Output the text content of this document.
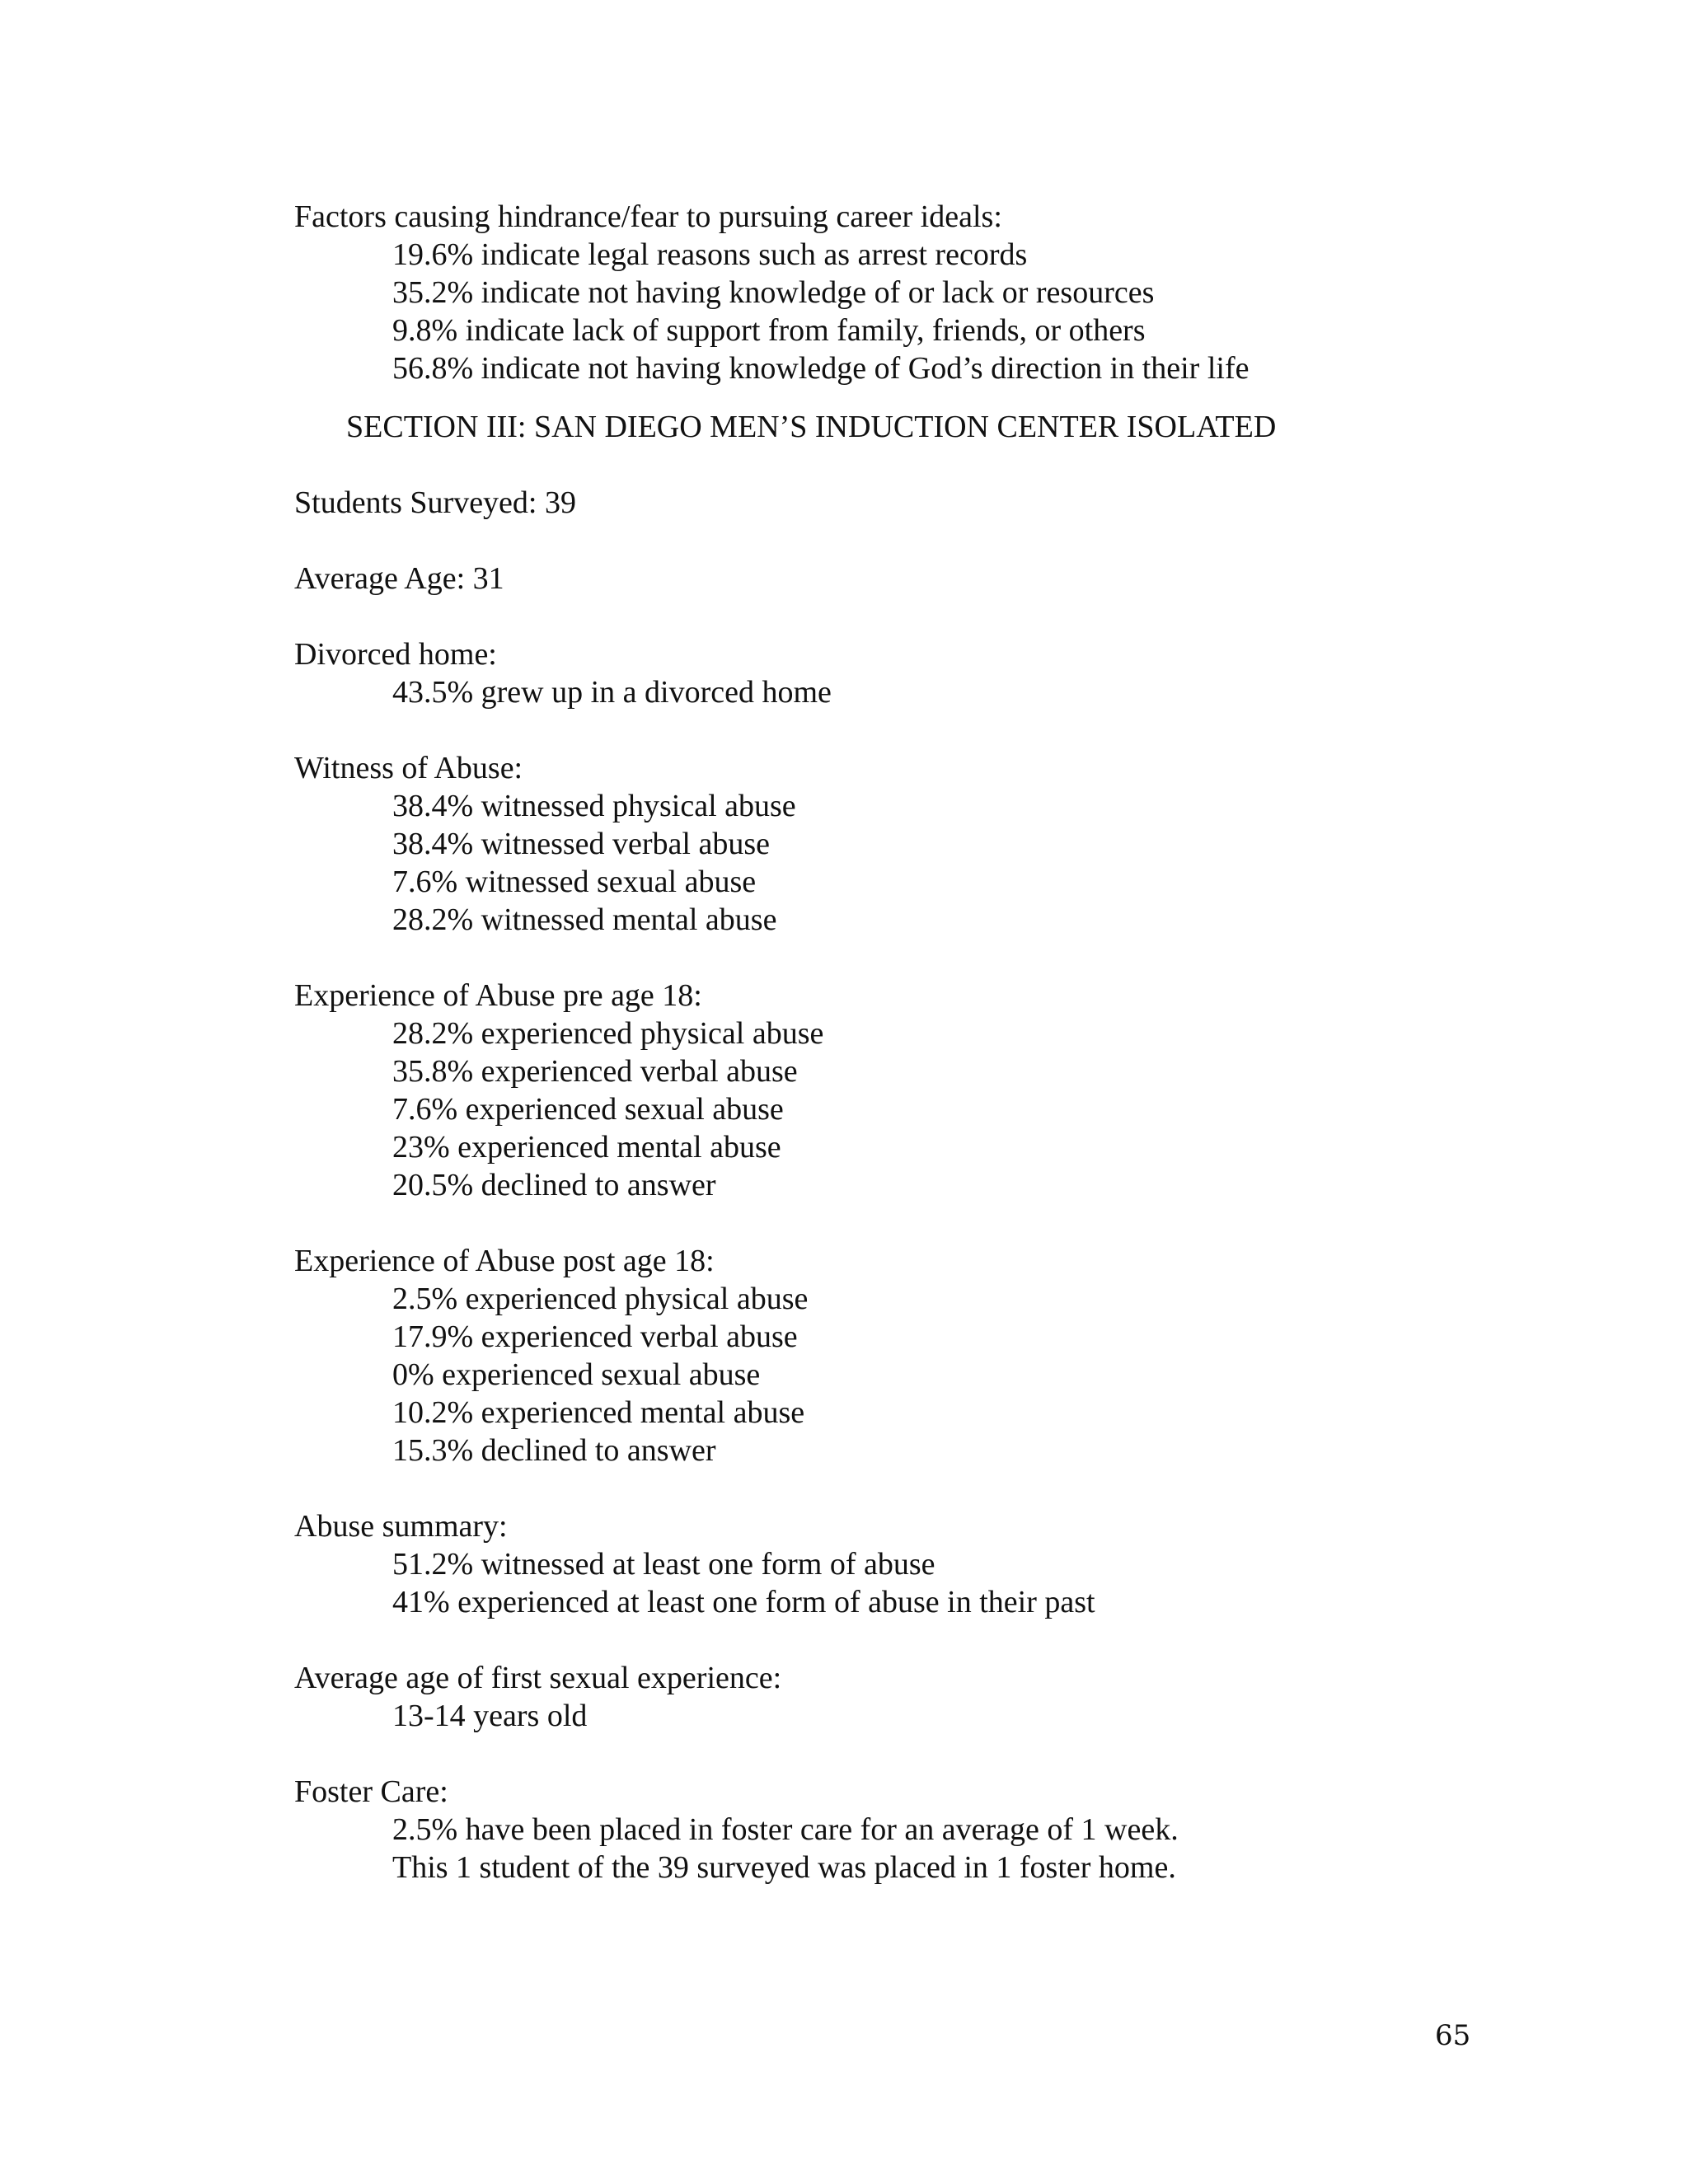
Factors causing hindrance/fear to pursuing career ideals:
19.6% indicate legal reasons such as arrest records
35.2% indicate not having knowledge of or lack or resources
9.8% indicate lack of support from family, friends, or others
56.8% indicate not having knowledge of God’s direction in their life
SECTION III: SAN DIEGO MEN’S INDUCTION CENTER ISOLATED
Students Surveyed: 39
Average Age: 31
Divorced home:
43.5% grew up in a divorced home
Witness of Abuse:
38.4% witnessed physical abuse
38.4% witnessed verbal abuse
7.6% witnessed sexual abuse
28.2% witnessed mental abuse
Experience of Abuse pre age 18:
28.2% experienced physical abuse
35.8% experienced verbal abuse
7.6% experienced sexual abuse
23% experienced mental abuse
20.5% declined to answer
Experience of Abuse post age 18:
2.5% experienced physical abuse
17.9% experienced verbal abuse
0% experienced sexual abuse
10.2% experienced mental abuse
15.3% declined to answer
Abuse summary:
51.2% witnessed at least one form of abuse
41% experienced at least one form of abuse in their past
Average age of first sexual experience:
13-14 years old
Foster Care:
2.5% have been placed in foster care for an average of 1 week.
This 1 student of the 39 surveyed was placed in 1 foster home.
65
